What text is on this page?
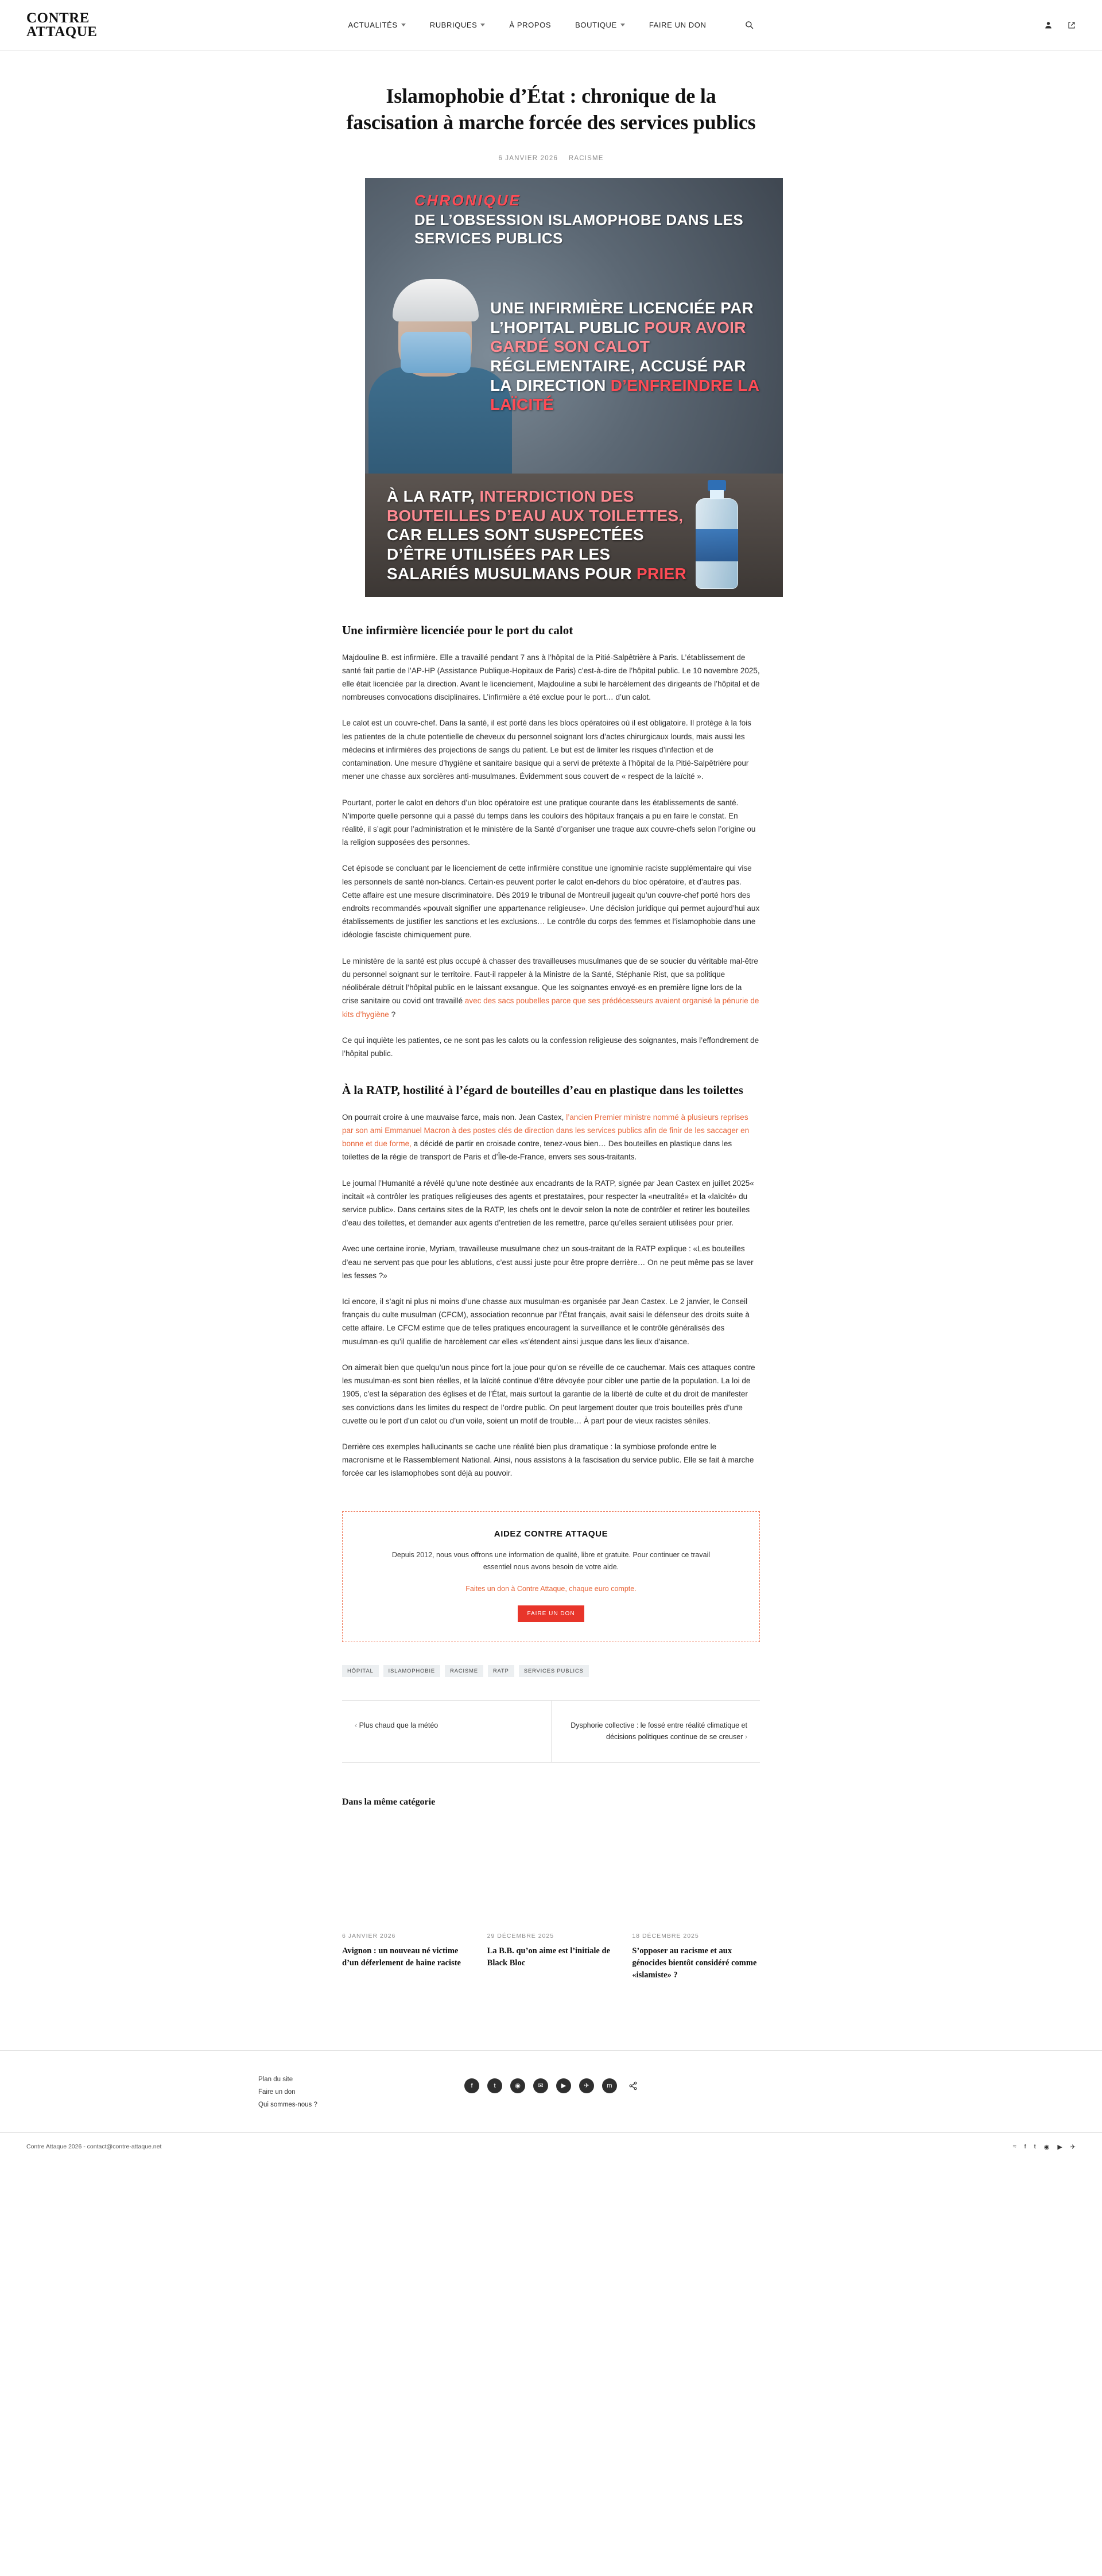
CONTRE
ATTAQUE	ACTUALITÉS	RUBRIQUES	À PROPOS	BOUTIQUE	FAIRE UN DON
Islamophobie d’État : chronique de la fascisation à marche forcée des services publics
6 JANVIER 2026 RACISME
CHRONIQUE
DE L’OBSESSION ISLAMOPHOBE DANS LES SERVICES PUBLICS
UNE INFIRMIÈRE LICENCIÉE PAR L’HOPITAL PUBLIC POUR AVOIR GARDÉ SON CALOT RÉGLEMENTAIRE, ACCUSÉ PAR LA DIRECTION D’ENFREINDRE LA LAÏCITÉ
À LA RATP, INTERDICTION DES BOUTEILLES D’EAU AUX TOILETTES, CAR ELLES SONT SUSPECTÉES D’ÊTRE UTILISÉES PAR LES SALARIÉS MUSULMANS POUR PRIER
Une infirmière licenciée pour le port du calot

Majdouline B. est infirmière. Elle a travaillé pendant 7 ans à l’hôpital de la Pitié-Salpêtrière à Paris. L’établissement de santé fait partie de l’AP-HP (Assistance Publique-Hopitaux de Paris) c’est-à-dire de l’hôpital public. Le 10 novembre 2025, elle était licenciée par la direction. Avant le licenciement, Majdouline a subi le harcèlement des dirigeants de l’hôpital et de nombreuses convocations disciplinaires. L’infirmière a été exclue pour le port… d’un calot.

Le calot est un couvre-chef. Dans la santé, il est porté dans les blocs opératoires où il est obligatoire. Il protège à la fois les patientes de la chute potentielle de cheveux du personnel soignant lors d’actes chirurgicaux lourds, mais aussi les médecins et infirmières des projections de sangs du patient. Le but est de limiter les risques d’infection et de contamination. Une mesure d’hygiène et sanitaire basique qui a servi de prétexte à l’hôpital de la Pitié-Salpêtrière pour mener une chasse aux sorcières anti-musulmanes. Évidemment sous couvert de « respect de la laïcité ».

Pourtant, porter le calot en dehors d’un bloc opératoire est une pratique courante dans les établissements de santé. N’importe quelle personne qui a passé du temps dans les couloirs des hôpitaux français a pu en faire le constat. En réalité, il s’agit pour l’administration et le ministère de la Santé d’organiser une traque aux couvre-chefs selon l’origine ou la religion supposées des personnes.

Cet épisode se concluant par le licenciement de cette infirmière constitue une ignominie raciste supplémentaire qui vise les personnels de santé non-blancs. Certain·es peuvent porter le calot en-dehors du bloc opératoire, et d’autres pas. Cette affaire est une mesure discriminatoire. Dès 2019 le tribunal de Montreuil jugeait qu’un couvre-chef porté hors des endroits recommandés «pouvait signifier une appartenance religieuse». Une décision juridique qui permet aujourd’hui aux établissements de justifier les sanctions et les exclusions… Le contrôle du corps des femmes et l’islamophobie dans une idéologie fasciste chimiquement pure.

Le ministère de la santé est plus occupé à chasser des travailleuses musulmanes que de se soucier du véritable mal-être du personnel soignant sur le territoire. Faut-il rappeler à la Ministre de la Santé, Stéphanie Rist, que sa politique néolibérale détruit l’hôpital public en le laissant exsangue. Que les soignantes envoyé·es en première ligne lors de la crise sanitaire ou covid ont travaillé avec des sacs poubelles parce que ses prédécesseurs avaient organisé la pénurie de kits d’hygiène ?

Ce qui inquiète les patientes, ce ne sont pas les calots ou la confession religieuse des soignantes, mais l’effondrement de l’hôpital public.

À la RATP, hostilité à l’égard de bouteilles d’eau en plastique dans les toilettes

On pourrait croire à une mauvaise farce, mais non. Jean Castex, l’ancien Premier ministre nommé à plusieurs reprises par son ami Emmanuel Macron à des postes clés de direction dans les services publics afin de finir de les saccager en bonne et due forme, a décidé de partir en croisade contre, tenez-vous bien… Des bouteilles en plastique dans les toilettes de la régie de transport de Paris et d’Île-de-France, envers ses sous-traitants.

Le journal l’Humanité a révélé qu’une note destinée aux encadrants de la RATP, signée par Jean Castex en juillet 2025« incitait «à contrôler les pratiques religieuses des agents et prestataires, pour respecter la «neutralité» et la «laïcité» du service public». Dans certains sites de la RATP, les chefs ont le devoir selon la note de contrôler et retirer les bouteilles d’eau des toilettes, et demander aux agents d’entretien de les remettre, parce qu’elles seraient utilisées pour prier.

Avec une certaine ironie, Myriam, travailleuse musulmane chez un sous-traitant de la RATP explique : «Les bouteilles d’eau ne servent pas que pour les ablutions, c’est aussi juste pour être propre derrière… On ne peut même pas se laver les fesses ?»

Ici encore, il s’agit ni plus ni moins d’une chasse aux musulman·es organisée par Jean Castex. Le 2 janvier, le Conseil français du culte musulman (CFCM), association reconnue par l’État français, avait saisi le défenseur des droits suite à cette affaire. Le CFCM estime que de telles pratiques encouragent la surveillance et le contrôle généralisés des musulman·es qu’il qualifie de harcèlement car elles «s’étendent ainsi jusque dans les lieux d’aisance.

On aimerait bien que quelqu’un nous pince fort la joue pour qu’on se réveille de ce cauchemar. Mais ces attaques contre les musulman·es sont bien réelles, et la laïcité continue d’être dévoyée pour cibler une partie de la population. La loi de 1905, c’est la séparation des églises et de l’État, mais surtout la garantie de la liberté de culte et du droit de manifester ses convictions dans les limites du respect de l’ordre public. On peut largement douter que trois bouteilles près d’une cuvette ou le port d’un calot ou d’un voile, soient un motif de trouble… À part pour de vieux racistes séniles.

Derrière ces exemples hallucinants se cache une réalité bien plus dramatique : la symbiose profonde entre le macronisme et le Rassemblement National. Ainsi, nous assistons à la fascisation du service public. Elle se fait à marche forcée car les islamophobes sont déjà au pouvoir.

AIDEZ CONTRE ATTAQUE
Depuis 2012, nous vous offrons une information de qualité, libre et gratuite. Pour continuer ce travail essentiel nous avons besoin de votre aide.
Faites un don à Contre Attaque, chaque euro compte.
FAIRE UN DON
HÔPITAL	ISLAMOPHOBIE	RACISME	RATP	SERVICES PUBLICS
‹ Plus chaud que la météo	Dysphorie collective : le fossé entre réalité climatique et décisions politiques continue de se creuser ›
Dans la même catégorie
6 JANVIER 2026
Avignon : un nouveau né victime d’un déferlement de haine raciste
29 DÉCEMBRE 2025
La B.B. qu’on aime est l’initiale de Black Bloc
18 DÉCEMBRE 2025
S’opposer au racisme et aux génocides bientôt considéré comme «islamiste» ?
Plan du site
Faire un don
Qui sommes-nous ?
f	t	◉	✉	▶	✈	m
Contre Attaque 2026 - contact@contre-attaque.net	≈ f t ◉ ▶ ✈
